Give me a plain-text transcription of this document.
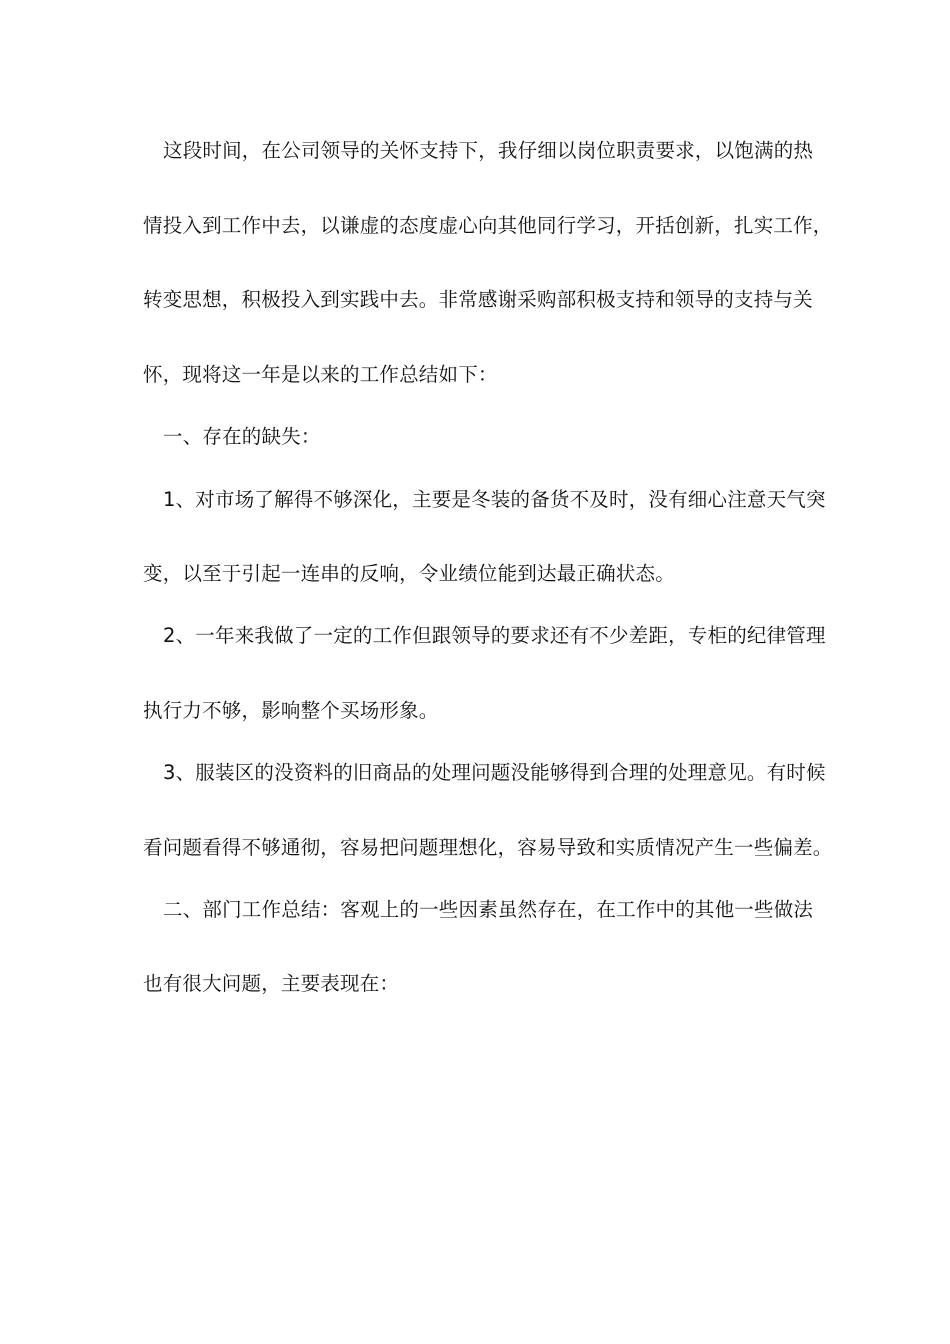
这段时间，在公司领导的关怀支持下，我仔细以岗位职责要求，以饱满的热
情投入到工作中去，以谦虚的态度虚心向其他同行学习，开括创新，扎实工作，
转变思想，积极投入到实践中去。非常感谢采购部积极支持和领导的支持与关
怀，现将这一年是以来的工作总结如下：
一、存在的缺失：
1、对市场了解得不够深化，主要是冬装的备货不及时，没有细心注意天气突
变，以至于引起一连串的反响，令业绩位能到达最正确状态。
2、一年来我做了一定的工作但跟领导的要求还有不少差距，专柜的纪律管理
执行力不够，影响整个买场形象。
3、服装区的没资料的旧商品的处理问题没能够得到合理的处理意见。有时候
看问题看得不够通彻，容易把问题理想化，容易导致和实质情况产生一些偏差。
二、部门工作总结：客观上的一些因素虽然存在，在工作中的其他一些做法
也有很大问题，主要表现在：
